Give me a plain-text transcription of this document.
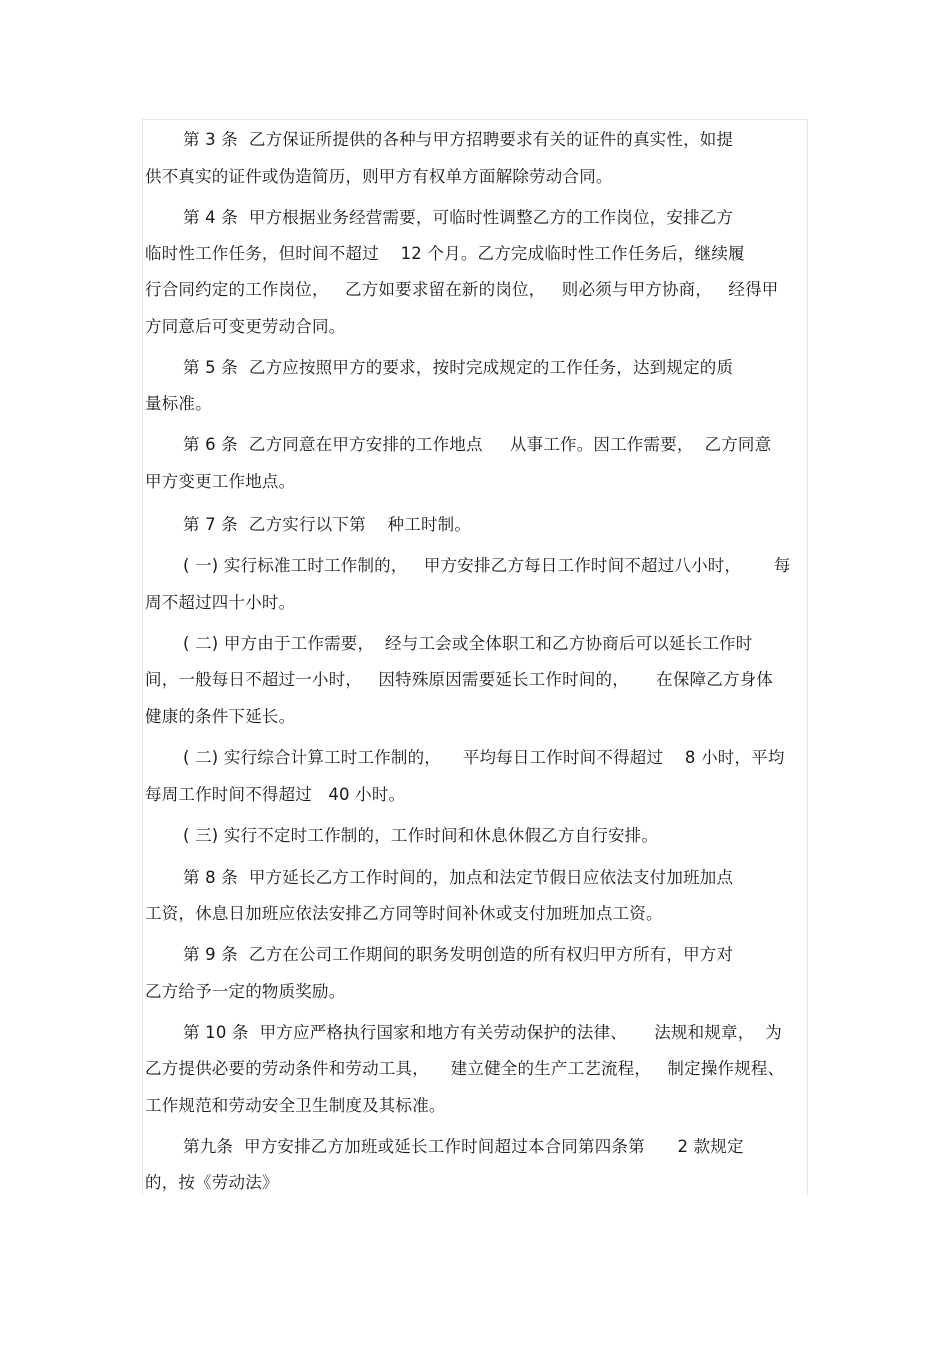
第 3 条  乙方保证所提供的各种与甲方招聘要求有关的证件的真实性，如提
供不真实的证件或伪造简历，则甲方有权单方面解除劳动合同。
第 4 条  甲方根据业务经营需要，可临时性调整乙方的工作岗位，安排乙方
临时性工作任务，但时间不超过    12 个月。乙方完成临时性工作任务后，继续履
行合同约定的工作岗位，   乙方如要求留在新的岗位，   则必须与甲方协商，   经得甲
方同意后可变更劳动合同。
第 5 条  乙方应按照甲方的要求，按时完成规定的工作任务，达到规定的质
量标准。
第 6 条  乙方同意在甲方安排的工作地点     从事工作。因工作需要，  乙方同意
甲方变更工作地点。
第 7 条  乙方实行以下第    种工时制。
( 一) 实行标准工时工作制的，   甲方安排乙方每日工作时间不超过八小时，      每
周不超过四十小时。
( 二) 甲方由于工作需要，  经与工会或全体职工和乙方协商后可以延长工作时
间，一般每日不超过一小时，   因特殊原因需要延长工作时间的，     在保障乙方身体
健康的条件下延长。
( 二) 实行综合计算工时工作制的，    平均每日工作时间不得超过    8 小时，平均
每周工作时间不得超过   40 小时。
( 三) 实行不定时工作制的，工作时间和休息休假乙方自行安排。
第 8 条  甲方延长乙方工作时间的，加点和法定节假日应依法支付加班加点
工资，休息日加班应依法安排乙方同等时间补休或支付加班加点工资。
第 9 条  乙方在公司工作期间的职务发明创造的所有权归甲方所有，甲方对
乙方给予一定的物质奖励。
第 10 条  甲方应严格执行国家和地方有关劳动保护的法律、     法规和规章，  为
乙方提供必要的劳动条件和劳动工具，    建立健全的生产工艺流程，   制定操作规程、
工作规范和劳动安全卫生制度及其标准。
第九条  甲方安排乙方加班或延长工作时间超过本合同第四条第      2 款规定
的，按《劳动法》
